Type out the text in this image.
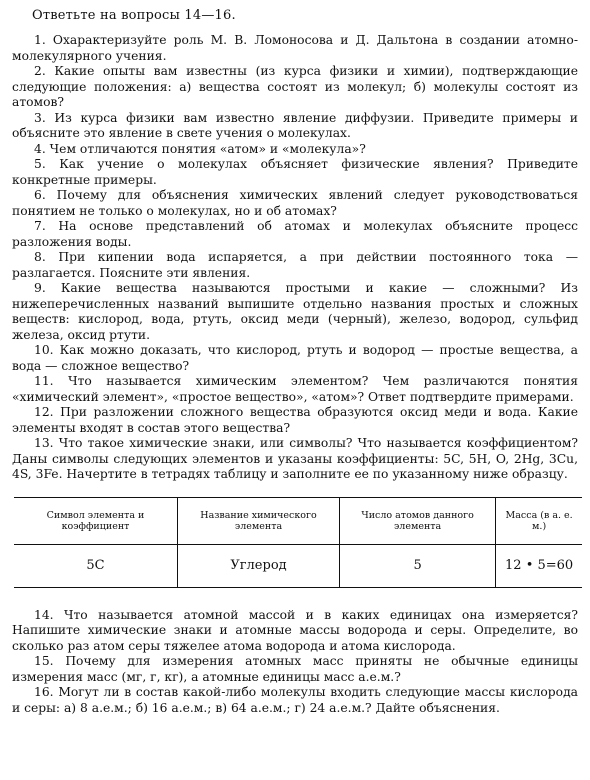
Ответьте на вопросы 14—16.

1. Охарактеризуйте роль М. В. Ломоносова и Д. Дальтона в создании атомно-молекулярного учения.

2. Какие опыты вам известны (из курса физики и химии), подтверждающие следующие положения: а) вещества состоят из молекул; б) молекулы состоят из атомов?

3. Из курса физики вам известно явление диффузии. Приведите примеры и объясните это явление в свете учения о молекулах.

4. Чем отличаются понятия «атом» и «молекула»?

5. Как учение о молекулах объясняет физические явления? Приведите конкретные примеры.

6. Почему для объяснения химических явлений следует руководствоваться понятием не только о молекулах, но и об атомах?

7. На основе представлений об атомах и молекулах объясните процесс разложения воды.

8. При кипении вода испаряется, а при действии постоянного тока — разлагается. Поясните эти явления.

9. Какие вещества называются простыми и какие — сложными? Из нижеперечисленных названий выпишите отдельно названия простых и сложных веществ: кислород, вода, ртуть, оксид меди (черный), железо, водород, сульфид железа, оксид ртути.

10. Как можно доказать, что кислород, ртуть и водород — простые вещества, а вода — сложное вещество?

11. Что называется химическим элементом? Чем различаются понятия «химический элемент», «простое вещество», «атом»? Ответ подтвердите примерами.

12. При разложении сложного вещества образуются оксид меди и вода. Какие элементы входят в состав этого вещества?

13. Что такое химические знаки, или символы? Что называется коэффициентом? Даны символы следующих элементов и указаны коэффициенты: 5C, 5H, O, 2Hg, 3Cu, 4S, 3Fe. Начертите в тетрадях таблицу и заполните ее по указанному ниже образцу.

Символ элемента и коэффициент	Название химического элемента	Число атомов данного элемента	Масса (в а. е. м.)
5C	Углерод	5	12 • 5=60

14. Что называется атомной массой и в каких единицах она измеряется? Напишите химические знаки и атомные массы водорода и серы. Определите, во сколько раз атом серы тяжелее атома водорода и атома кислорода.

15. Почему для измерения атомных масс приняты не обычные единицы измерения масс (мг, г, кг), а атомные единицы масс а.е.м.?

16. Могут ли в состав какой-либо молекулы входить следующие массы кислорода и серы: а) 8 а.е.м.; б) 16 а.е.м.; в) 64 а.е.м.; г) 24 а.е.м.? Дайте объяснения.
